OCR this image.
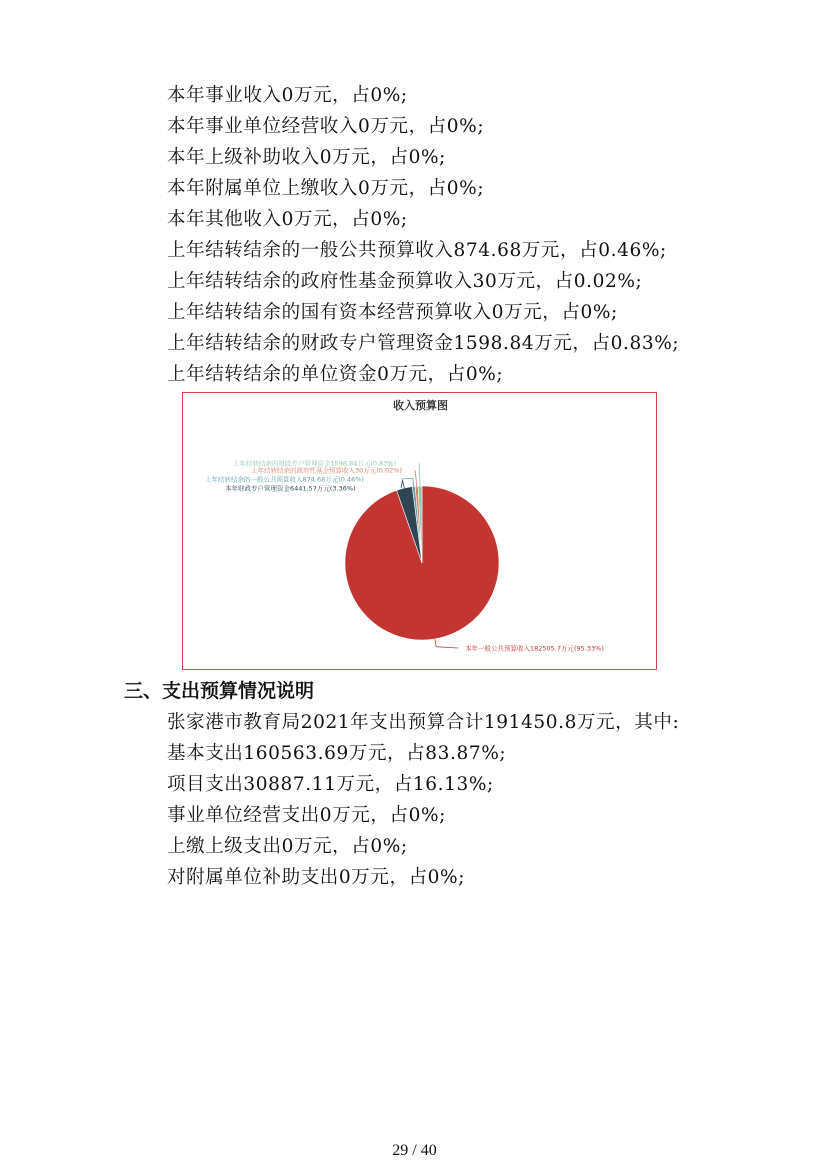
本年事业收入0万元，占0%;
本年事业单位经营收入0万元，占0%;
本年上级补助收入0万元，占0%;
本年附属单位上缴收入0万元，占0%;
本年其他收入0万元，占0%;
上年结转结余的一般公共预算收入874.68万元，占0.46%;
上年结转结余的政府性基金预算收入30万元，占0.02%;
上年结转结余的国有资本经营预算收入0万元，占0%;
上年结转结余的财政专户管理资金1598.84万元，占0.83%;
上年结转结余的单位资金0万元，占0%;
收入预算图
本年一般公共预算收入182505.7万元(95.33%)
本年财政专户管理资金6441.57万元(3.36%)
上年结转结余的一般公共预算收入874.68万元(0.46%)
上年结转结余的政府性基金预算收入30万元(0.02%)
上年结转结余的财政专户管理资金1598.84万元(0.83%)
三、支出预算情况说明
张家港市教育局2021年支出预算合计191450.8万元，其中:
基本支出160563.69万元，占83.87%;
项目支出30887.11万元，占16.13%;
事业单位经营支出0万元，占0%;
上缴上级支出0万元，占0%;
对附属单位补助支出0万元，占0%;
29 / 40
